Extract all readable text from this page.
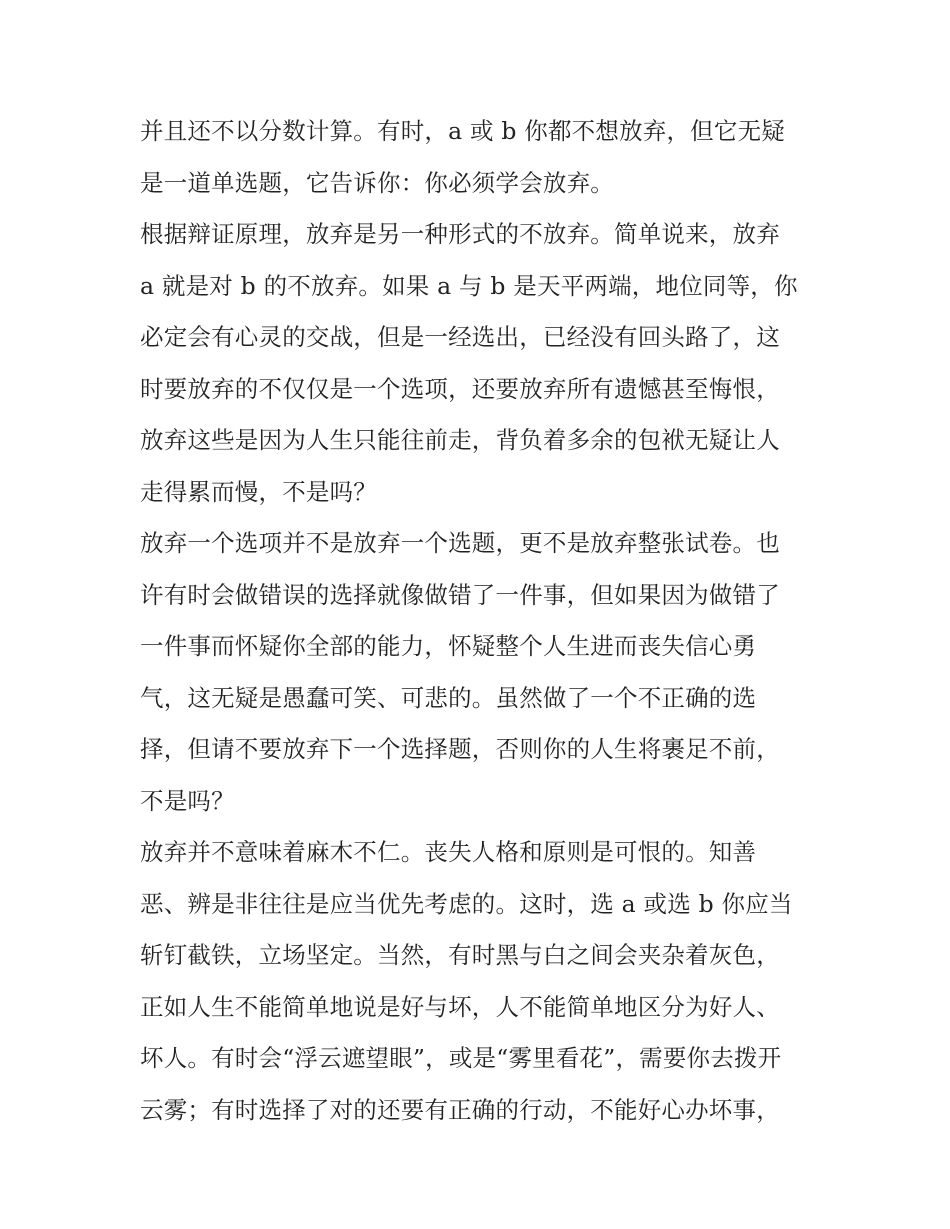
并且还不以分数计算。有时，a 或 b 你都不想放弃，但它无疑
是一道单选题，它告诉你：你必须学会放弃。
根据辩证原理，放弃是另一种形式的不放弃。简单说来，放弃
a 就是对 b 的不放弃。如果 a 与 b 是天平两端，地位同等，你
必定会有心灵的交战，但是一经选出，已经没有回头路了，这
时要放弃的不仅仅是一个选项，还要放弃所有遗憾甚至悔恨，
放弃这些是因为人生只能往前走，背负着多余的包袱无疑让人
走得累而慢，不是吗？
放弃一个选项并不是放弃一个选题，更不是放弃整张试卷。也
许有时会做错误的选择就像做错了一件事，但如果因为做错了
一件事而怀疑你全部的能力，怀疑整个人生进而丧失信心勇
气，这无疑是愚蠢可笑、可悲的。虽然做了一个不正确的选
择，但请不要放弃下一个选择题，否则你的人生将裹足不前，
不是吗？
放弃并不意味着麻木不仁。丧失人格和原则是可恨的。知善
恶、辨是非往往是应当优先考虑的。这时，选 a 或选 b 你应当
斩钉截铁，立场坚定。当然，有时黑与白之间会夹杂着灰色，
正如人生不能简单地说是好与坏，人不能简单地区分为好人、
坏人。有时会“浮云遮望眼”，或是“雾里看花”，需要你去拨开
云雾；有时选择了对的还要有正确的行动，不能好心办坏事，
